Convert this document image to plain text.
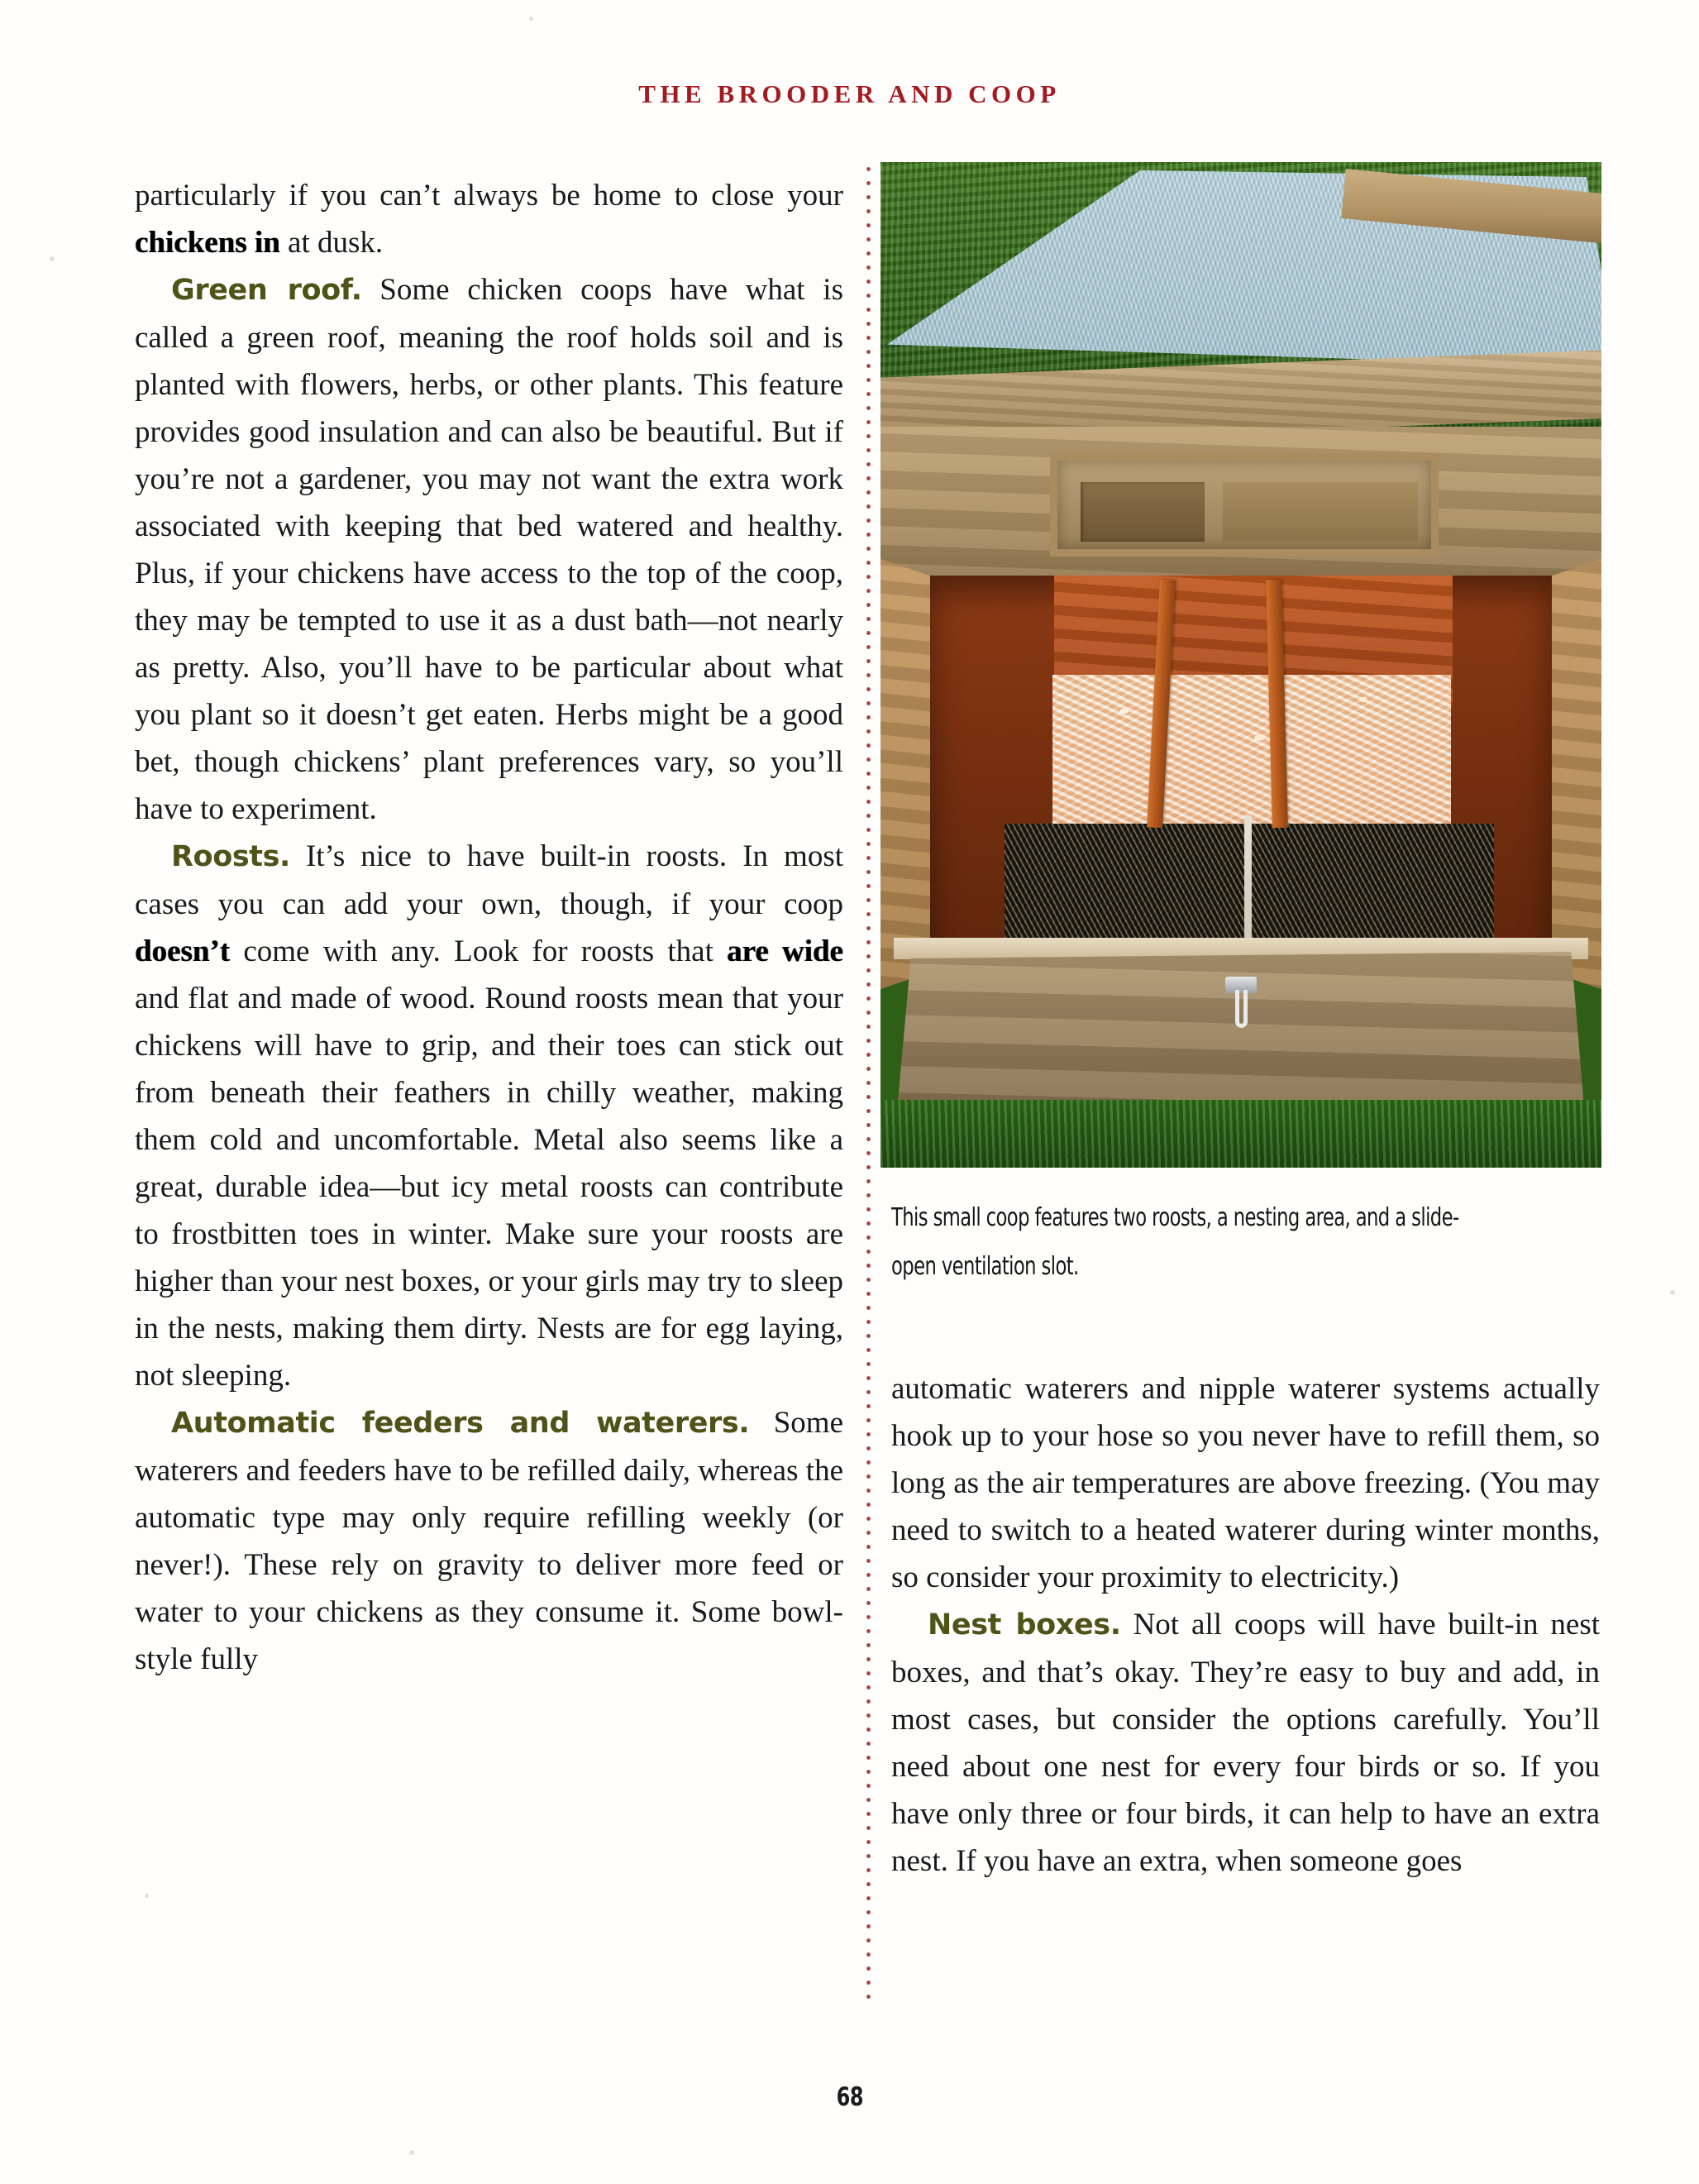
THE BROODER AND COOP
This small coop features two roosts, a nesting area, and a slide-open ventilation slot.

particularly if you can’t always be home to close your chickens in at dusk.

Green roof. Some chicken coops have what is called a green roof, meaning the roof holds soil and is planted with flowers, herbs, or other plants. This feature provides good insulation and can also be beautiful. But if you’re not a gardener, you may not want the extra work associated with keeping that bed watered and healthy. Plus, if your chickens have access to the top of the coop, they may be tempted to use it as a dust bath—not nearly as pretty. Also, you’ll have to be particular about what you plant so it doesn’t get eaten. Herbs might be a good bet, though chickens’ plant preferences vary, so you’ll have to experiment.

Roosts. It’s nice to have built-in roosts. In most cases you can add your own, though, if your coop doesn’t come with any. Look for roosts that are wide and flat and made of wood. Round roosts mean that your chickens will have to grip, and their toes can stick out from beneath their feathers in chilly weather, making them cold and uncomfortable. Metal also seems like a great, durable idea—but icy metal roosts can contribute to frostbitten toes in winter. Make sure your roosts are higher than your nest boxes, or your girls may try to sleep in the nests, making them dirty. Nests are for egg laying, not sleeping.

Automatic feeders and waterers. Some waterers and feeders have to be refilled daily, whereas the automatic type may only require refilling weekly (or never!). These rely on gravity to deliver more feed or water to your chickens as they consume it. Some bowl-style fully

automatic waterers and nipple waterer systems actually hook up to your hose so you never have to refill them, so long as the air temperatures are above freezing. (You may need to switch to a heated waterer during winter months, so consider your proximity to electricity.)

Nest boxes. Not all coops will have built-in nest boxes, and that’s okay. They’re easy to buy and add, in most cases, but consider the options carefully. You’ll need about one nest for every four birds or so. If you have only three or four birds, it can help to have an extra nest. If you have an extra, when someone goes

68
